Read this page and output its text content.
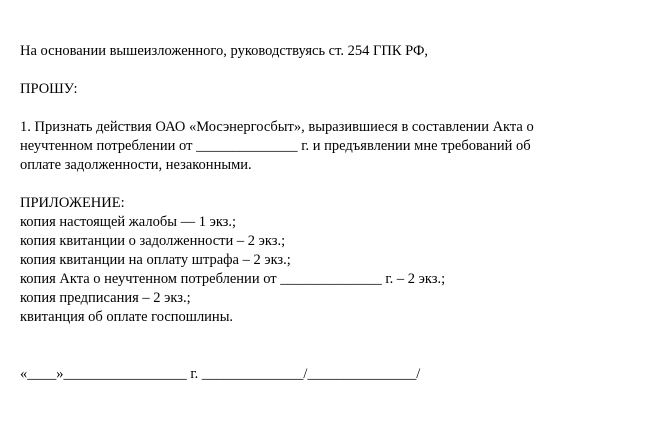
На основании вышеизложенного, руководствуясь ст. 254 ГПК РФ,

ПРОШУ:

1. Признать действия ОАО «Мосэнергосбыт», выразившиеся в составлении Акта о

неучтенном потреблении от ______________ г. и предъявлении мне требований об

оплате задолженности, незаконными.

ПРИЛОЖЕНИЕ:

копия настоящей жалобы — 1 экз.;

копия квитанции о задолженности – 2 экз.;

копия квитанции на оплату штрафа – 2 экз.;

копия Акта о неучтенном потреблении от ______________ г. – 2 экз.;

копия предписания – 2 экз.;

квитанция об оплате госпошлины.

«____»_________________ г. ______________/_______________/
